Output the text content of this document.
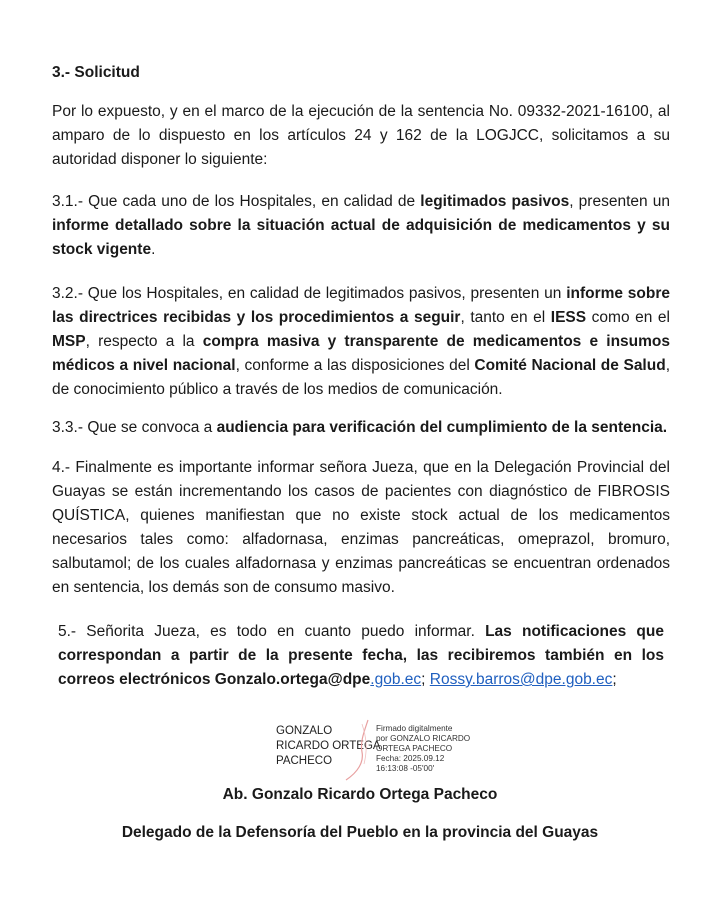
3.- Solicitud

Por lo expuesto, y en el marco de la ejecución de la sentencia No. 09332-2021-16100, al amparo de lo dispuesto en los artículos 24 y 162 de la LOGJCC, solicitamos a su autoridad disponer lo siguiente:

3.1.- Que cada uno de los Hospitales, en calidad de legitimados pasivos, presenten un informe detallado sobre la situación actual de adquisición de medicamentos y su stock vigente.

3.2.- Que los Hospitales, en calidad de legitimados pasivos, presenten un informe sobre las directrices recibidas y los procedimientos a seguir, tanto en el IESS como en el MSP, respecto a la compra masiva y transparente de medicamentos e insumos médicos a nivel nacional, conforme a las disposiciones del Comité Nacional de Salud, de conocimiento público a través de los medios de comunicación.

3.3.- Que se convoca a audiencia para verificación del cumplimiento de la sentencia.

4.- Finalmente es importante informar señora Jueza, que en la Delegación Provincial del Guayas se están incrementando los casos de pacientes con diagnóstico de FIBROSIS QUÍSTICA, quienes manifiestan que no existe stock actual de los medicamentos necesarios tales como: alfadornasa, enzimas pancreáticas, omeprazol, bromuro, salbutamol; de los cuales alfadornasa y enzimas pancreáticas se encuentran ordenados en sentencia, los demás son de consumo masivo.

5.- Señorita Jueza, es todo en cuanto puedo informar. Las notificaciones que correspondan a partir de la presente fecha, las recibiremos también en los correos electrónicos Gonzalo.ortega@dpe.gob.ec; Rossy.barros@dpe.gob.ec;

GONZALO
RICARDO ORTEGA
PACHECO
Firmado digitalmente
por GONZALO RICARDO
ORTEGA PACHECO
Fecha: 2025.09.12
16:13:08 -05'00'
Ab. Gonzalo Ricardo Ortega Pacheco
Delegado de la Defensoría del Pueblo en la provincia del Guayas
